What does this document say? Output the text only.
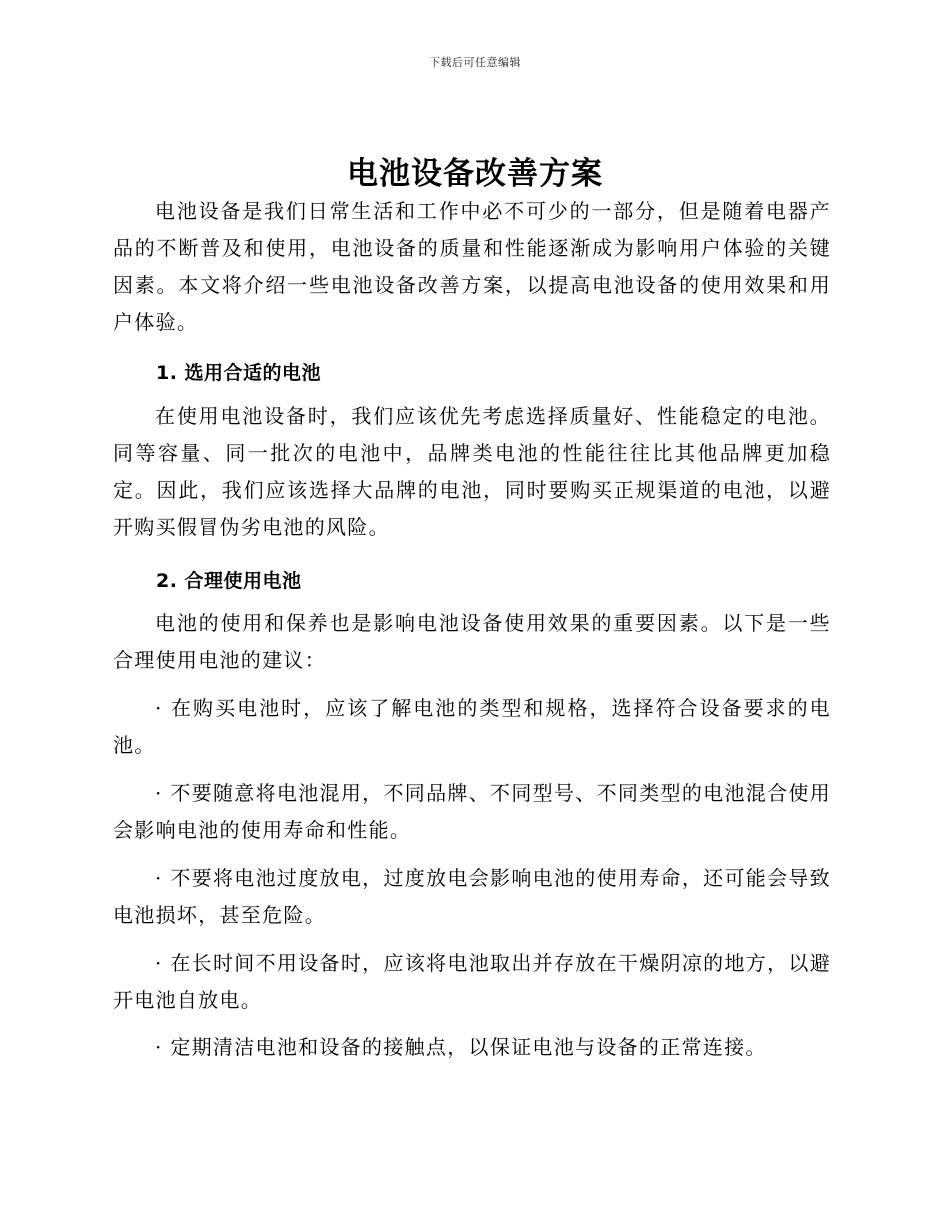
下载后可任意编辑
电池设备改善方案
电池设备是我们日常生活和工作中必不可少的一部分，但是随着电器产品的不断普及和使用，电池设备的质量和性能逐渐成为影响用户体验的关键因素。本文将介绍一些电池设备改善方案，以提高电池设备的使用效果和用户体验。
1. 选用合适的电池
在使用电池设备时，我们应该优先考虑选择质量好、性能稳定的电池。同等容量、同一批次的电池中，品牌类电池的性能往往比其他品牌更加稳定。因此，我们应该选择大品牌的电池，同时要购买正规渠道的电池，以避开购买假冒伪劣电池的风险。
2. 合理使用电池
电池的使用和保养也是影响电池设备使用效果的重要因素。以下是一些合理使用电池的建议：
· 在购买电池时，应该了解电池的类型和规格，选择符合设备要求的电池。
· 不要随意将电池混用，不同品牌、不同型号、不同类型的电池混合使用会影响电池的使用寿命和性能。
· 不要将电池过度放电，过度放电会影响电池的使用寿命，还可能会导致电池损坏，甚至危险。
· 在长时间不用设备时，应该将电池取出并存放在干燥阴凉的地方，以避开电池自放电。
· 定期清洁电池和设备的接触点，以保证电池与设备的正常连接。
